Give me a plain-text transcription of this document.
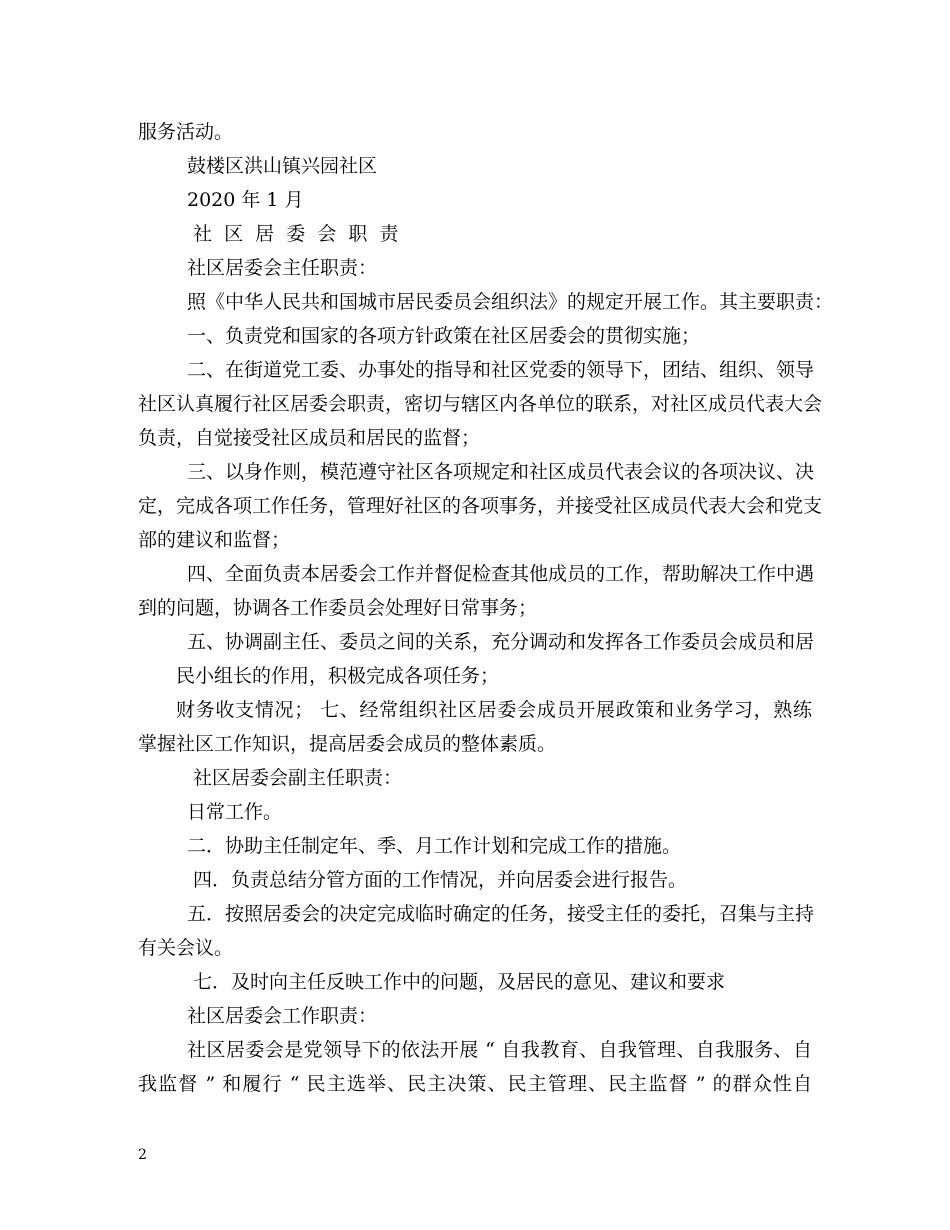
服务活动。
鼓楼区洪山镇兴园社区
2020 年 1 月
社  区  居  委  会  职  责
社区居委会主任职责：
照《中华人民共和国城市居民委员会组织法》的规定开展工作。其主要职责：
一、负责党和国家的各项方针政策在社区居委会的贯彻实施；
二、在街道党工委、办事处的指导和社区党委的领导下，团结、组织、领导
社区认真履行社区居委会职责，密切与辖区内各单位的联系，对社区成员代表大会
负责，自觉接受社区成员和居民的监督；
三、以身作则，模范遵守社区各项规定和社区成员代表会议的各项决议、决
定，完成各项工作任务，管理好社区的各项事务，并接受社区成员代表大会和党支
部的建议和监督；
四、全面负责本居委会工作并督促检查其他成员的工作，帮助解决工作中遇
到的问题，协调各工作委员会处理好日常事务；
五、协调副主任、委员之间的关系，充分调动和发挥各工作委员会成员和居
民小组长的作用，积极完成各项任务；
财务收支情况； 七、经常组织社区居委会成员开展政策和业务学习，熟练
掌握社区工作知识，提高居委会成员的整体素质。
社区居委会副主任职责：
日常工作。
二．协助主任制定年、季、月工作计划和完成工作的措施。
四．负责总结分管方面的工作情况，并向居委会进行报告。
五．按照居委会的决定完成临时确定的任务，接受主任的委托，召集与主持
有关会议。
七．及时向主任反映工作中的问题，及居民的意见、建议和要求
社区居委会工作职责：
社区居委会是党领导下的依法开展 “ 自我教育、自我管理、自我服务、自
我监督 ” 和履行 “ 民主选举、民主决策、民主管理、民主监督 ” 的群众性自
2
